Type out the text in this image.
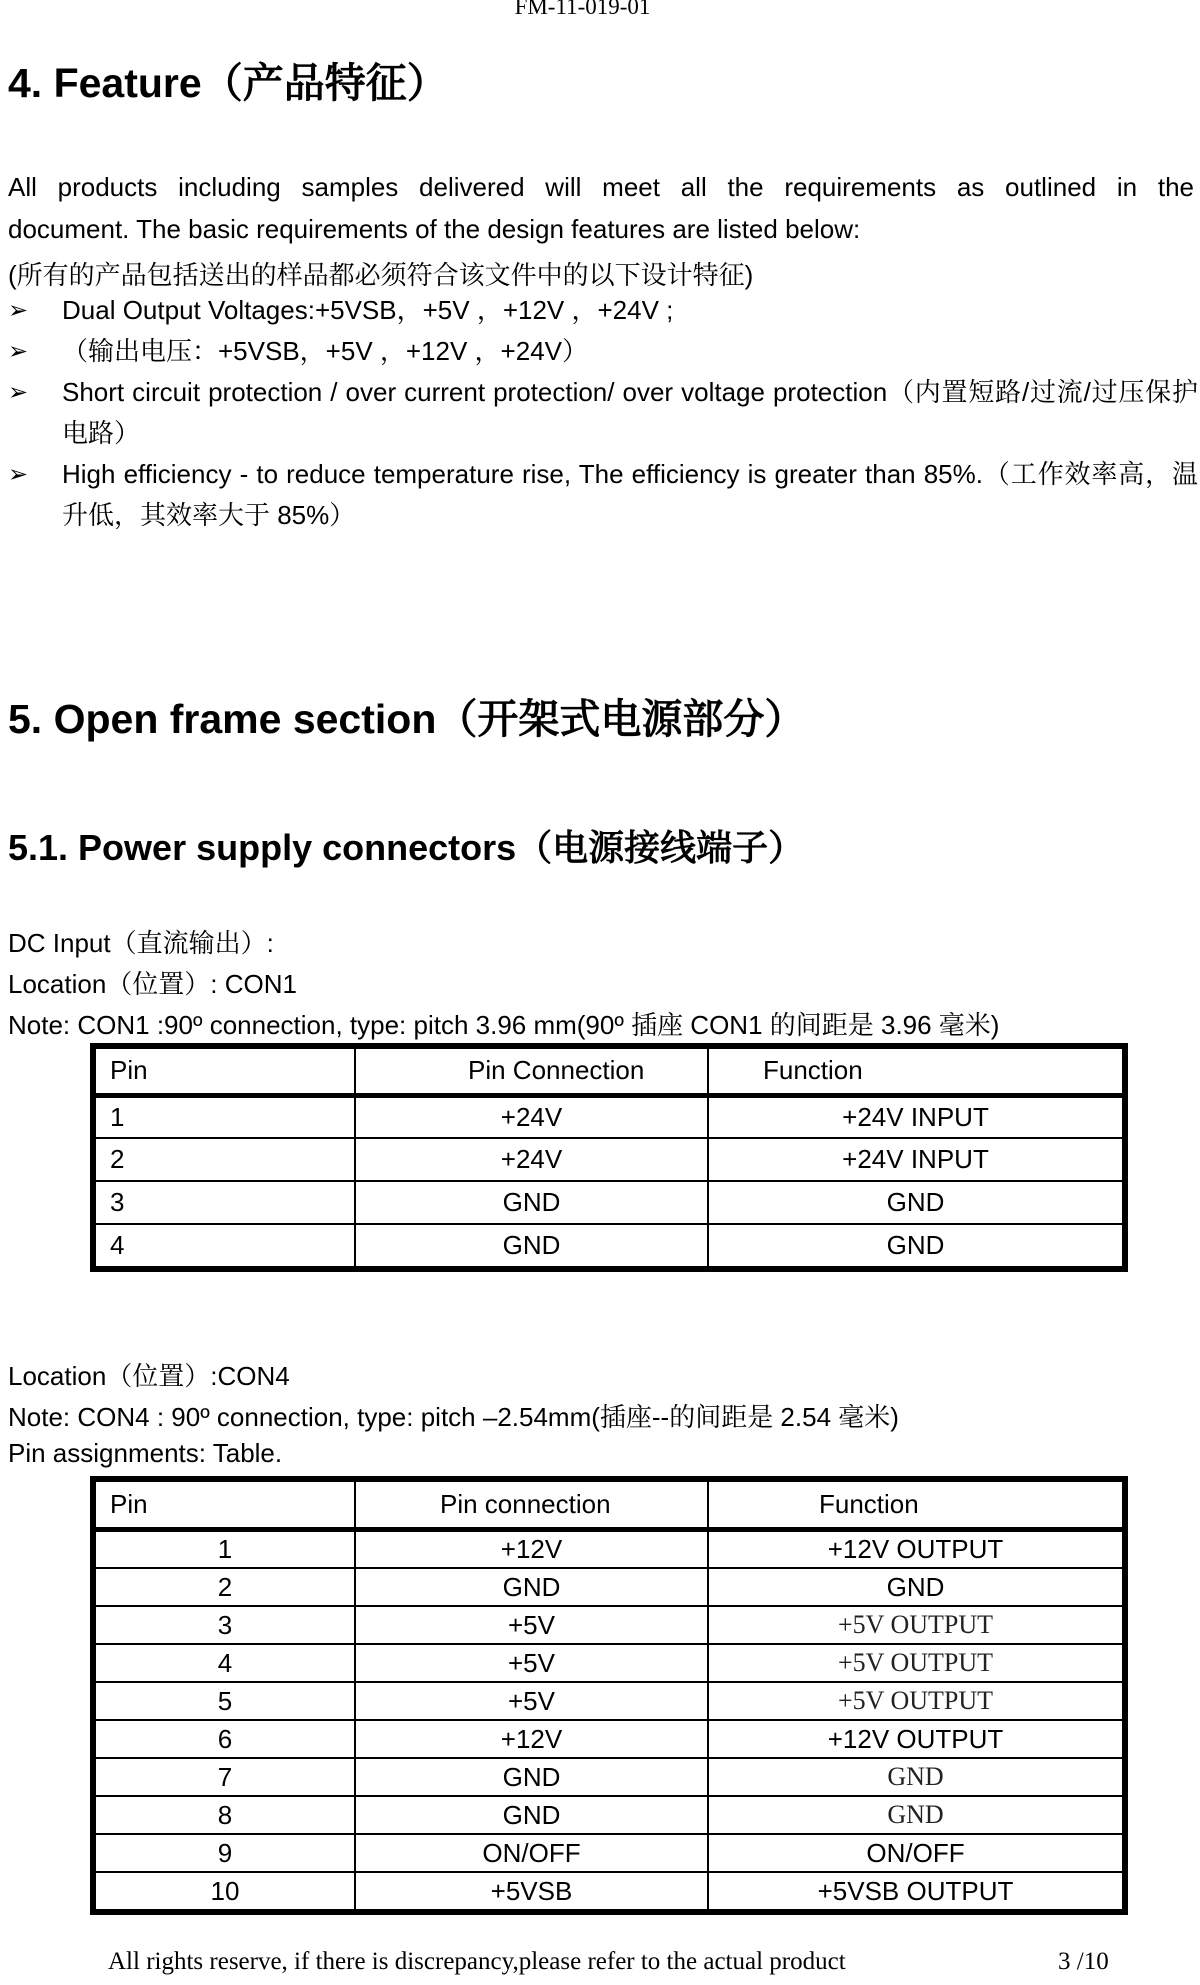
FM-11-019-01
4. Feature（产品特征）
All products including samples delivered will meet all the requirements as outlined in the
document. The basic requirements of the design features are listed below:
(所有的产品包括送出的样品都必须符合该文件中的以下设计特征)
➢ Dual Output Voltages:+5VSB，+5V ，+12V ，+24V ;
➢ （输出电压：+5VSB，+5V ，+12V ，+24V）
➢ Short circuit protection / over current protection/ over voltage protection（内置短路/过流/过压保护电路）
➢ High efficiency - to reduce temperature rise, The efficiency is greater than 85%.（工作效率高，温升低，其效率大于 85%）
5. Open frame section（开架式电源部分）
5.1. Power supply connectors（电源接线端子）
DC Input（直流输出）:
Location（位置）: CON1
Note: CON1 :90º connection, type: pitch 3.96 mm(90º 插座 CON1 的间距是 3.96 毫米)
Pin	Pin Connection	Function
1	+24V	+24V INPUT
2	+24V	+24V INPUT
3	GND	GND
4	GND	GND
Location（位置）:CON4
Note: CON4 : 90º connection, type: pitch –2.54mm(插座--的间距是 2.54 毫米)
Pin assignments: Table.
Pin	Pin connection	Function
1	+12V	+12V OUTPUT
2	GND	GND
3	+5V	+5V OUTPUT
4	+5V	+5V OUTPUT
5	+5V	+5V OUTPUT
6	+12V	+12V OUTPUT
7	GND	GND
8	GND	GND
9	ON/OFF	ON/OFF
10	+5VSB	+5VSB OUTPUT
All rights reserve, if there is discrepancy,please refer to the actual product	3 /10
